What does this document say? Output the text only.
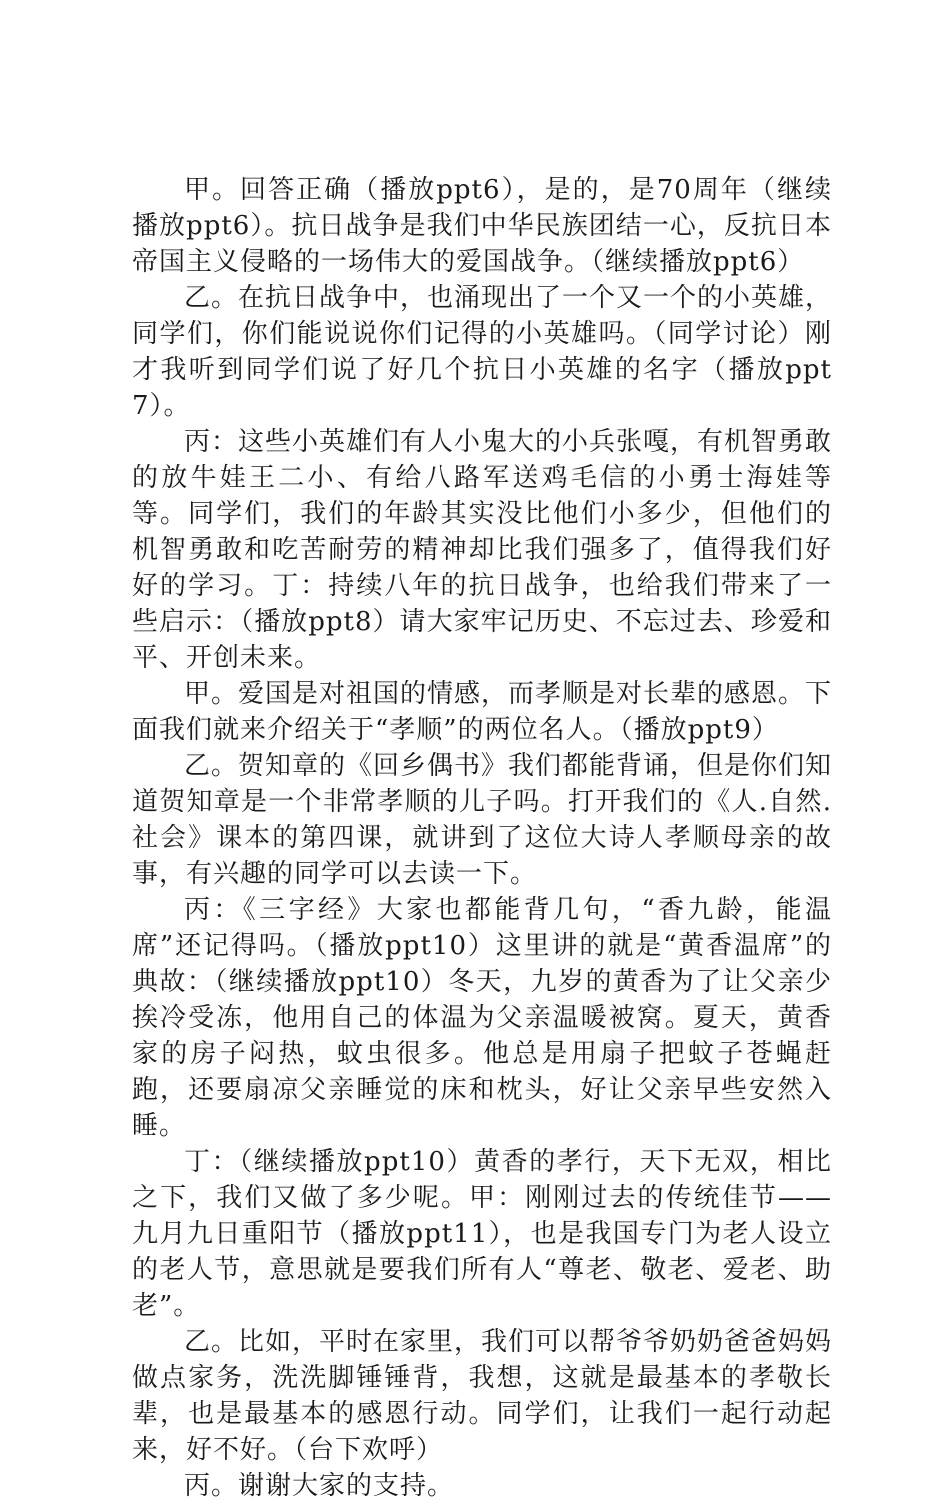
甲。回答正确（播放ppt6），是的，是70周年（继续播放ppt6）。抗日战争是我们中华民族团结一心，反抗日本帝国主义侵略的一场伟大的爱国战争。（继续播放ppt6）

乙。在抗日战争中，也涌现出了一个又一个的小英雄，同学们，你们能说说你们记得的小英雄吗。（同学讨论）刚才我听到同学们说了好几个抗日小英雄的名字（播放ppt7）。

丙：这些小英雄们有人小鬼大的小兵张嘎，有机智勇敢的放牛娃王二小、有给八路军送鸡毛信的小勇士海娃等等。同学们，我们的年龄其实没比他们小多少，但他们的机智勇敢和吃苦耐劳的精神却比我们强多了，值得我们好好的学习。丁：持续八年的抗日战争，也给我们带来了一些启示：（播放ppt8）请大家牢记历史、不忘过去、珍爱和平、开创未来。

甲。爱国是对祖国的情感，而孝顺是对长辈的感恩。下面我们就来介绍关于“孝顺”的两位名人。（播放ppt9）

乙。贺知章的《回乡偶书》我们都能背诵，但是你们知道贺知章是一个非常孝顺的儿子吗。打开我们的《人.自然.社会》课本的第四课，就讲到了这位大诗人孝顺母亲的故事，有兴趣的同学可以去读一下。

丙：《三字经》大家也都能背几句，“香九龄，能温席”还记得吗。（播放ppt10）这里讲的就是“黄香温席”的典故：（继续播放ppt10）冬天，九岁的黄香为了让父亲少挨冷受冻，他用自己的体温为父亲温暖被窝。夏天，黄香家的房子闷热，蚊虫很多。他总是用扇子把蚊子苍蝇赶跑，还要扇凉父亲睡觉的床和枕头，好让父亲早些安然入睡。

丁：（继续播放ppt10）黄香的孝行，天下无双，相比之下，我们又做了多少呢。甲：刚刚过去的传统佳节——九月九日重阳节（播放ppt11），也是我国专门为老人设立的老人节，意思就是要我们所有人“尊老、敬老、爱老、助老”。

乙。比如，平时在家里，我们可以帮爷爷奶奶爸爸妈妈做点家务，洗洗脚锤锤背，我想，这就是最基本的孝敬长辈，也是最基本的感恩行动。同学们，让我们一起行动起来，好不好。（台下欢呼）

丙。谢谢大家的支持。
